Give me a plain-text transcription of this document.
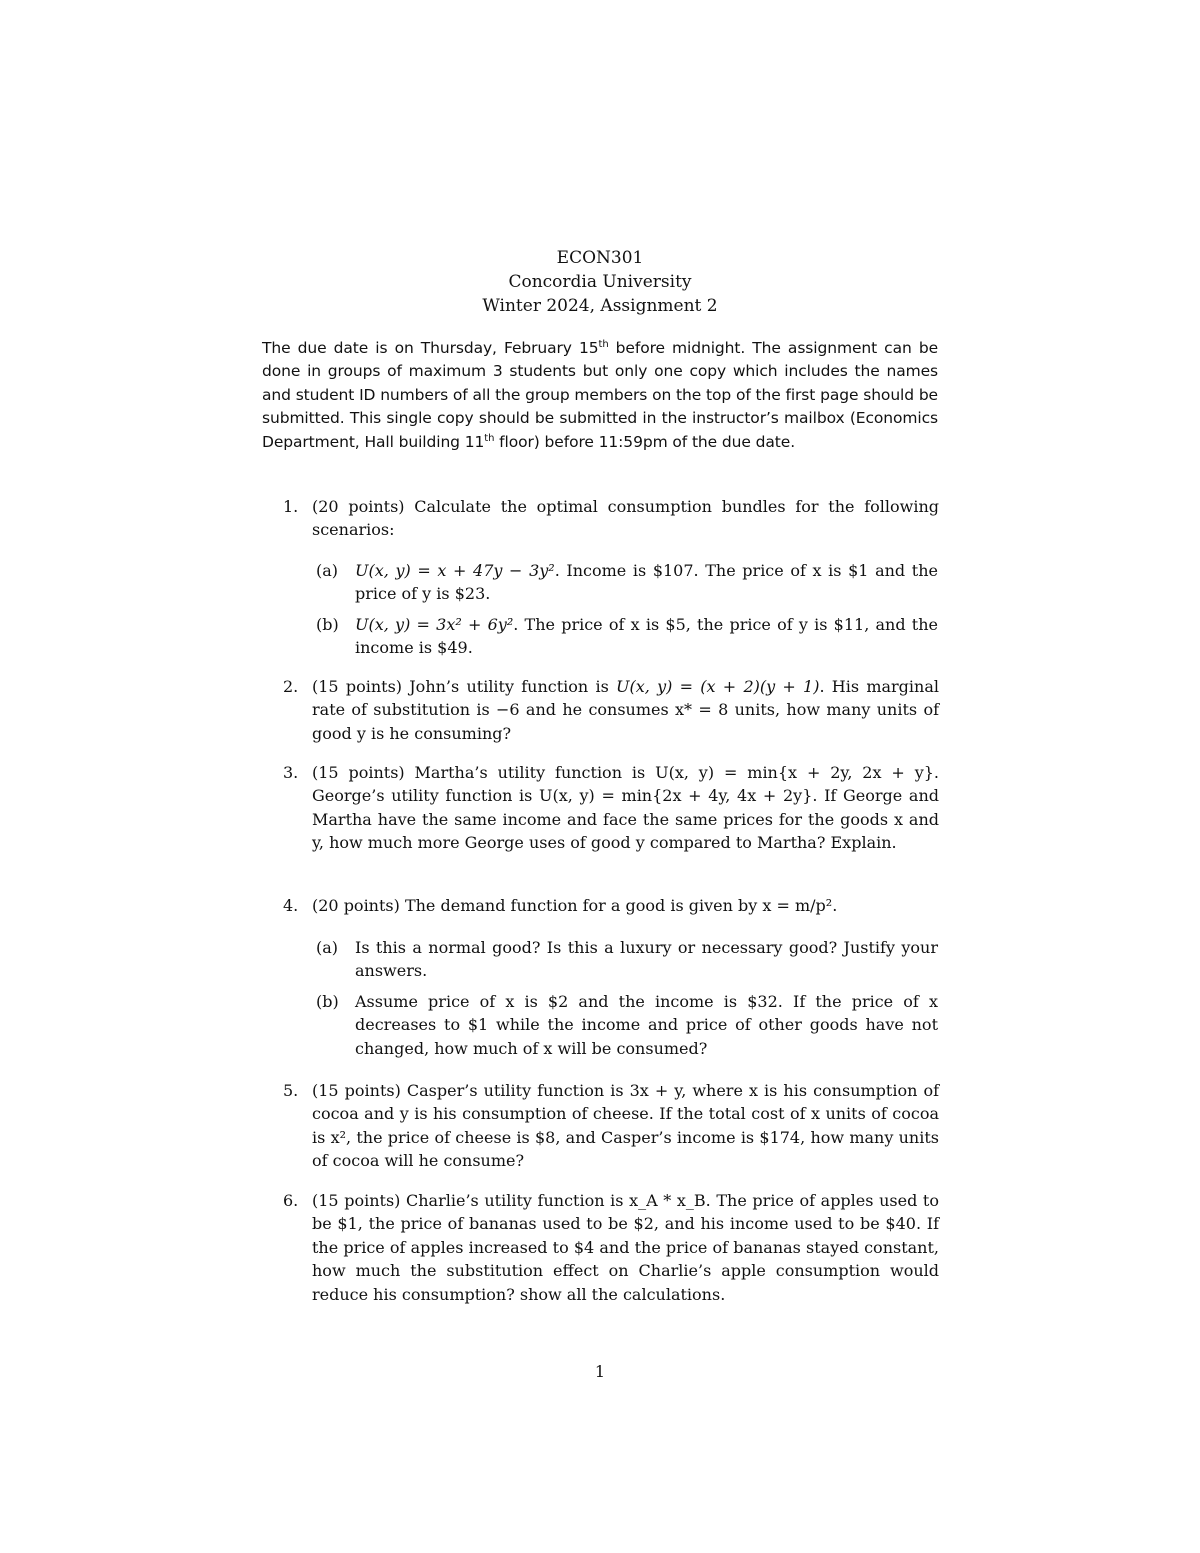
ECON301
Concordia University
Winter 2024, Assignment 2
The due date is on Thursday, February 15th before midnight. The assignment can be done in groups of maximum 3 students but only one copy which includes the names and student ID numbers of all the group members on the top of the first page should be submitted. This single copy should be submitted in the instructor’s mailbox (Economics Department, Hall building 11th floor) before 11:59pm of the due date.
1. (20 points) Calculate the optimal consumption bundles for the following scenarios:
(a)	U(x, y) = x + 47y − 3y². Income is $107. The price of x is $1 and the price of y is $23.
(b)	U(x, y) = 3x² + 6y². The price of x is $5, the price of y is $11, and the income is $49.
2. (15 points) John’s utility function is U(x, y) = (x + 2)(y + 1). His marginal rate of substitution is −6 and he consumes x* = 8 units, how many units of good y is he consuming?
3. (15 points) Martha’s utility function is U(x, y) = min{x + 2y, 2x + y}. George’s utility function is U(x, y) = min{2x + 4y, 4x + 2y}. If George and Martha have the same income and face the same prices for the goods x and y, how much more George uses of good y compared to Martha? Explain.
4. (20 points) The demand function for a good is given by x = m/p².
(a)	Is this a normal good? Is this a luxury or necessary good? Justify your answers.
(b)	Assume price of x is $2 and the income is $32. If the price of x decreases to $1 while the income and price of other goods have not changed, how much of x will be consumed?
5. (15 points) Casper’s utility function is 3x + y, where x is his consumption of cocoa and y is his consumption of cheese. If the total cost of x units of cocoa is x², the price of cheese is $8, and Casper’s income is $174, how many units of cocoa will he consume?
6. (15 points) Charlie’s utility function is x_A * x_B. The price of apples used to be $1, the price of bananas used to be $2, and his income used to be $40. If the price of apples increased to $4 and the price of bananas stayed constant, how much the substitution effect on Charlie’s apple consumption would reduce his consumption? show all the calculations.
1
